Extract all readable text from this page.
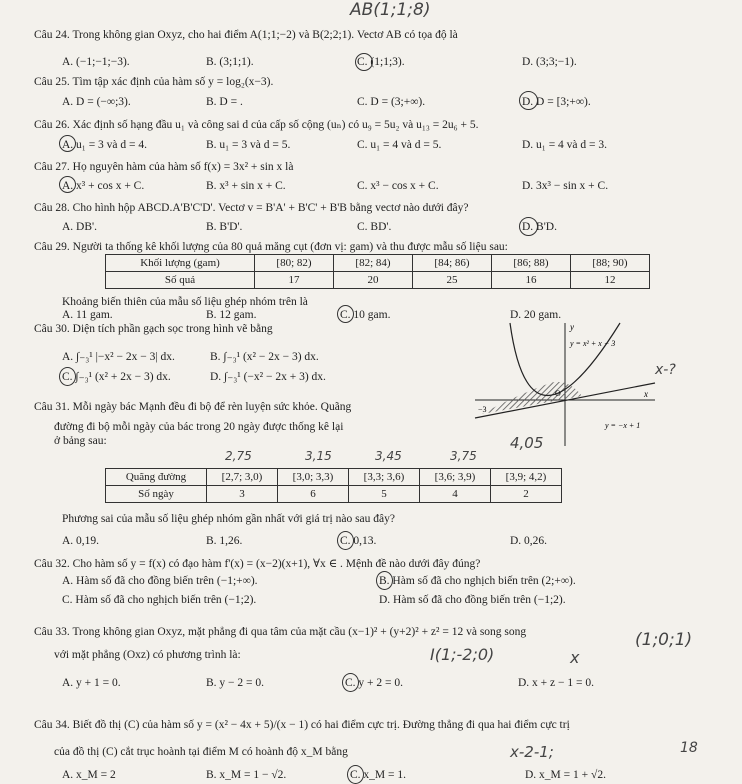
AB(1;1;8)
Câu 24. Trong không gian Oxyz, cho hai điểm A(1;1;−2) và B(2;2;1). Vectơ AB có tọa độ là
A. (−1;−1;−3).	B. (3;1;1).	C. (1;1;3).	D. (3;3;−1).
Câu 25. Tìm tập xác định của hàm số y = log₂(x−3).
A. D = (−∞;3).	B. D = .	C. D = (3;+∞).	D. D = [3;+∞).
Câu 26. Xác định số hạng đầu u₁ và công sai d của cấp số cộng (uₙ) có u₉ = 5u₂ và u₁₃ = 2u₆ + 5.
A. u₁ = 3 và d = 4.	B. u₁ = 3 và d = 5.	C. u₁ = 4 và d = 5.	D. u₁ = 4 và d = 3.
Câu 27. Họ nguyên hàm của hàm số f(x) = 3x² + sin x là
A. x³ + cos x + C.	B. x³ + sin x + C.	C. x³ − cos x + C.	D. 3x³ − sin x + C.
Câu 28. Cho hình hộp ABCD.A'B'C'D'. Vectơ v = B'A' + B'C' + B'B bằng vectơ nào dưới đây?
A. DB'.	B. B'D'.	C. BD'.	D. B'D.
Câu 29. Người ta thống kê khối lượng của 80 quả măng cụt (đơn vị: gam) và thu được mẫu số liệu sau:
Khối lượng (gam)	[80; 82)	[82; 84)	[84; 86)	[86; 88)	[88; 90)
Số quả	17	20	25	16	12
Khoảng biến thiên của mẫu số liệu ghép nhóm trên là
A. 11 gam.	B. 12 gam.	C. 10 gam.	D. 20 gam.
Câu 30. Diện tích phần gạch sọc trong hình vẽ bằng
A. ∫₋₃¹ |−x² − 2x − 3| dx.	B. ∫₋₃¹ (x² − 2x − 3) dx.
C. ∫₋₃¹ (x² + 2x − 3) dx.	D. ∫₋₃¹ (−x² − 2x + 3) dx.
y
x
−3
O
y = x² + x − 3
y = −x + 1
x-?
Câu 31. Mỗi ngày bác Mạnh đều đi bộ để rèn luyện sức khỏe. Quãng
đường đi bộ mỗi ngày của bác trong 20 ngày được thống kê lại
4,05
ở bảng sau:
2,75	3,15	3,45	3,75
Quãng đường	[2,7; 3,0)	[3,0; 3,3)	[3,3; 3,6)	[3,6; 3,9)	[3,9; 4,2)
Số ngày	3	6	5	4	2
Phương sai của mẫu số liệu ghép nhóm gần nhất với giá trị nào sau đây?
A. 0,19.	B. 1,26.	C. 0,13.	D. 0,26.
Câu 32. Cho hàm số y = f(x) có đạo hàm f'(x) = (x−2)(x+1), ∀x ∈ . Mệnh đề nào dưới đây đúng?
A. Hàm số đã cho đồng biến trên (−1;+∞).	B. Hàm số đã cho nghịch biến trên (2;+∞).
C. Hàm số đã cho nghịch biến trên (−1;2).	D. Hàm số đã cho đồng biến trên (−1;2).
Câu 33. Trong không gian Oxyz, mặt phẳng đi qua tâm của mặt cầu (x−1)² + (y+2)² + z² = 12 và song song
với mặt phẳng (Oxz) có phương trình là:	I(1;-2;0)	x
(1;0;1)
A. y + 1 = 0.	B. y − 2 = 0.	C. y + 2 = 0.	D. x + z − 1 = 0.
Câu 34. Biết đồ thị (C) của hàm số y = (x² − 4x + 5)/(x − 1) có hai điểm cực trị. Đường thẳng đi qua hai điểm cực trị
của đồ thị (C) cắt trục hoành tại điểm M có hoành độ x_M bằng	x-2-1;	18
A. x_M = 2	B. x_M = 1 − √2.	C. x_M = 1.	D. x_M = 1 + √2.
